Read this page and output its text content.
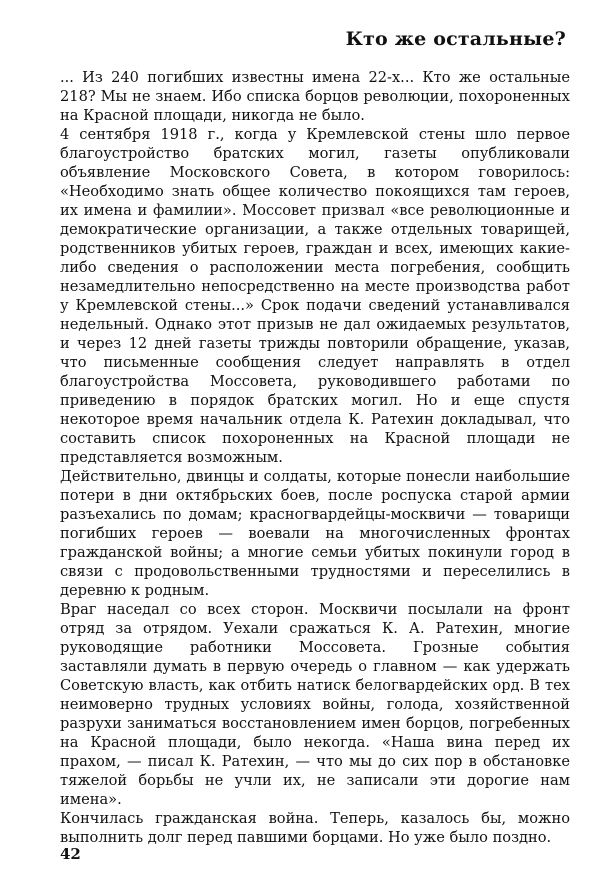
Кто же остальные?

... Из 240 погибших известны имена 22-х... Кто же остальные 218? Мы не знаем. Ибо списка борцов революции, похороненных на Красной площади, никогда не было.

4 сентября 1918 г., когда у Кремлевской стены шло первое благоустройство братских могил, газеты опубликовали объявление Московского Совета, в котором говорилось: «Необходимо знать общее количество покоящихся там героев, их имена и фамилии». Моссовет призвал «все революционные и демократические организации, а также отдельных товарищей, родственников убитых героев, граждан и всех, имеющих какие-либо сведения о расположении места погребения, сообщить незамедлительно непосредственно на месте производства работ у Кремлевской стены...» Срок подачи сведений устанавливался недельный. Однако этот призыв не дал ожидаемых результатов, и через 12 дней газеты трижды повторили обращение, указав, что письменные сообщения следует направлять в отдел благоустройства Моссовета, руководившего работами по приведению в порядок братских могил. Но и еще спустя некоторое время начальник отдела К. Ратехин докладывал, что составить список похороненных на Красной площади не представляется возможным.

Действительно, двинцы и солдаты, которые понесли наибольшие потери в дни октябрьских боев, после роспуска старой армии разъехались по домам; красногвардейцы-москвичи — товарищи погибших героев — воевали на многочисленных фронтах гражданской войны; а многие семьи убитых покинули город в связи с продовольственными трудностями и переселились в деревню к родным.

Враг наседал со всех сторон. Москвичи посылали на фронт отряд за отрядом. Уехали сражаться К. А. Ратехин, многие руководящие работники Моссовета. Грозные события заставляли думать в первую очередь о главном — как удержать Советскую власть, как отбить натиск белогвардейских орд. В тех неимоверно трудных условиях войны, голода, хозяйственной разрухи заниматься восстановлением имен борцов, погребенных на Красной площади, было некогда. «Наша вина перед их прахом, — писал К. Ратехин, — что мы до сих пор в обстановке тяжелой борьбы не учли их, не записали эти дорогие нам имена».

Кончилась гражданская война. Теперь, казалось бы, можно выполнить долг перед павшими борцами. Но уже было поздно.

42
